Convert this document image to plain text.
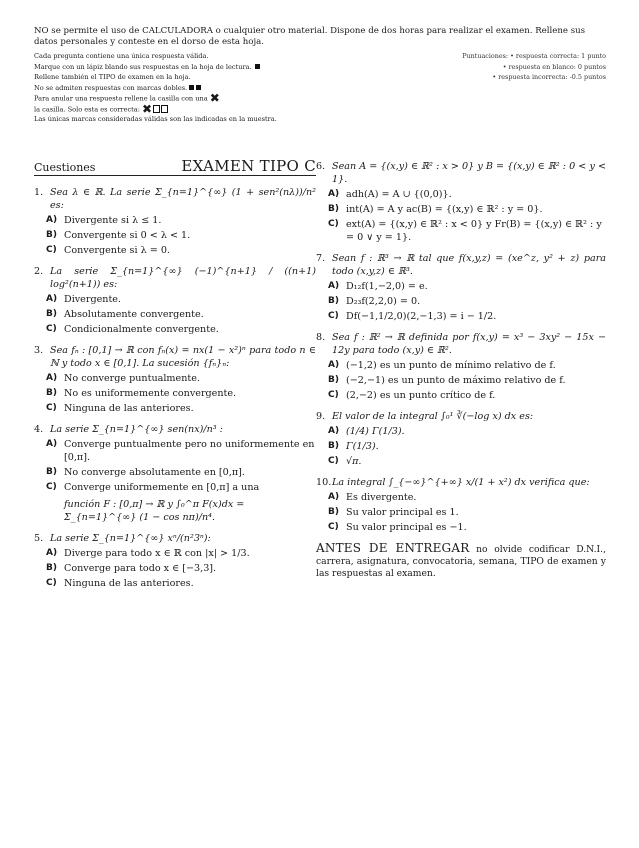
NO se permite el uso de CALCULADORA o cualquier otro material. Dispone de dos horas para realizar el examen. Rellene sus datos personales y conteste en el dorso de esta hoja.

Cada pregunta contiene una única respuesta válida.	Puntuaciones: • respuesta correcta: 1 punto
Marque con un lápiz blando sus respuestas en la hoja de lectura.	• respuesta en blanco: 0 puntos
Rellene también el TIPO de examen en la hoja.	• respuesta incorrecta: -0.5 puntos
No se admiten respuestas con marcas dobles.
Para anular una respuesta rellene la casilla con una ✖
la casilla. Solo esta es correcta: ✖
Las únicas marcas consideradas válidas son las indicadas en la muestra.
Cuestiones	EXAMEN TIPO C
1. Sea λ ∈ ℝ. La serie Σ_{n=1}^{∞} (1 + sen²(nλ))/n² es:
A) Divergente si λ ≤ 1.
B) Convergente si 0 < λ < 1.
C) Convergente si λ = 0.
2. La serie Σ_{n=1}^{∞} (−1)^{n+1} / ((n+1) log²(n+1)) es:
A) Divergente.
B) Absolutamente convergente.
C) Condicionalmente convergente.
3. Sea fₙ : [0,1] → ℝ con fₙ(x) = nx(1 − x²)ⁿ para todo n ∈ ℕ y todo x ∈ [0,1]. La sucesión {fₙ}ₙ:
A) No converge puntualmente.
B) No es uniformemente convergente.
C) Ninguna de las anteriores.
4. La serie Σ_{n=1}^{∞} sen(nx)/n³ :
A) Converge puntualmente pero no uniformemente en [0,π].
B) No converge absolutamente en [0,π].
C) Converge uniformemente en [0,π] a una
función F : [0,π] → ℝ y ∫₀^π F(x)dx = Σ_{n=1}^{∞} (1 − cos nπ)/n⁴.
5. La serie Σ_{n=1}^{∞} xⁿ/(n²3ⁿ):
A) Diverge para todo x ∈ ℝ con |x| > 1/3.
B) Converge para todo x ∈ [−3,3].
C) Ninguna de las anteriores.
6. Sean A = {(x,y) ∈ ℝ² : x > 0} y B = {(x,y) ∈ ℝ² : 0 < y < 1}.
A) adh(A) = A ∪ {(0,0)}.
B) int(A) = A y ac(B) = {(x,y) ∈ ℝ² : y = 0}.
C) ext(A) = {(x,y) ∈ ℝ² : x < 0} y Fr(B) = {(x,y) ∈ ℝ² : y = 0 ∨ y = 1}.
7. Sean f : ℝ³ → ℝ tal que f(x,y,z) = (xe^z, y² + z) para todo (x,y,z) ∈ ℝ³.
A) D₁₂f(1,−2,0) = e.
B) D₂₃f(2,2,0) = 0.
C) Df(−1,1/2,0)(2,−1,3) = i − 1/2.
8. Sea f : ℝ² → ℝ definida por f(x,y) = x³ − 3xy² − 15x − 12y para todo (x,y) ∈ ℝ².
A) (−1,2) es un punto de mínimo relativo de f.
B) (−2,−1) es un punto de máximo relativo de f.
C) (2,−2) es un punto crítico de f.
9. El valor de la integral ∫₀¹ ∛(−log x) dx es:
A) (1/4) Γ(1/3).
B) Γ(1/3).
C) √π.
10.La integral ∫_{−∞}^{+∞} x/(1 + x²) dx verifica que:
A) Es divergente.
B) Su valor principal es 1.
C) Su valor principal es −1.
ANTES DE ENTREGAR no olvide codificar D.N.I., carrera, asignatura, convocatoria, semana, TIPO de examen y las respuestas al examen.
